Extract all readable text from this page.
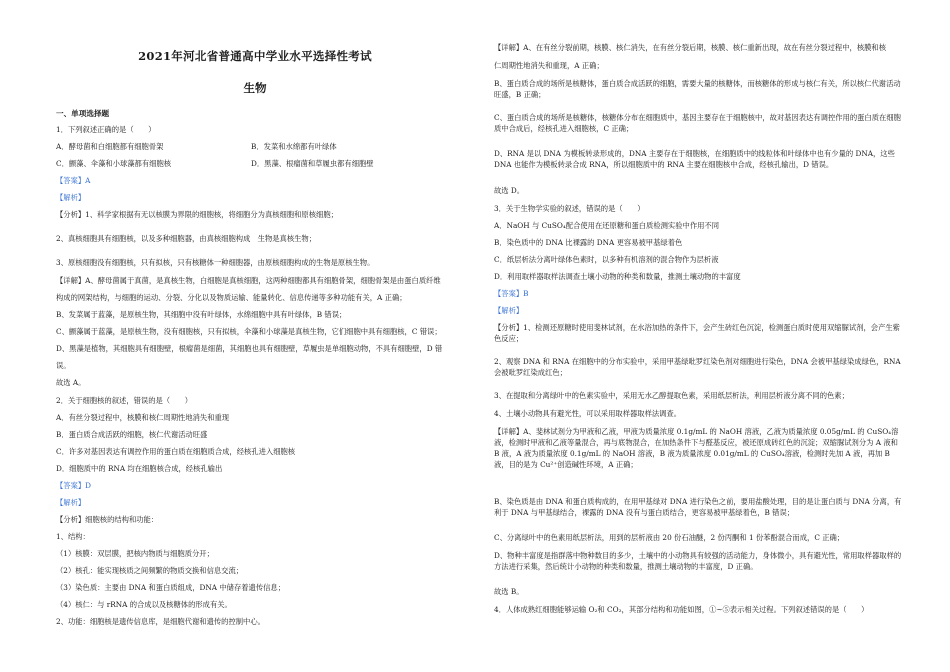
2021年河北省普通高中学业水平选择性考试
生物
一、单项选择题
1．下列叙述正确的是（　　）
A．酵母菌和白细胞都有细胞骨架	B．发菜和水绵都有叶绿体
C．颤藻、伞藻和小球藻都有细胞核	D．黑藻、根瘤菌和草履虫都有细胞壁
【答案】A
【解析】
【分析】1、科学家根据有无以核膜为界限的细胞核，将细胞分为真核细胞和原核细胞；
2、真核细胞具有细胞核，以及多种细胞器，由真核细胞构成　生物是真核生物；
3、原核细胞没有细胞核，只有拟核，只有核糖体一种细胞器，由原核细胞构成的生物是原核生物。
【详解】A、酵母菌属于真菌，是真核生物，白细胞是真核细胞，这两种细胞都具有细胞骨架，细胞骨架是由蛋白质纤维
构成的网架结构，与细胞的运动、分裂、分化以及物质运输、能量转化、信息传递等多种功能有关，A 正确；
B、发菜属于蓝藻，是原核生物，其细胞中没有叶绿体，水绵细胞中具有叶绿体，B 错误；
C、颤藻属于蓝藻，是原核生物，没有细胞核，只有拟核，伞藻和小球藻是真核生物，它们细胞中具有细胞核，C 错误；
D、黑藻是植物，其细胞具有细胞壁，根瘤菌是细菌，其细胞也具有细胞壁，草履虫是单细胞动物，不具有细胞壁，D 错
误。
故选 A。
2．关于细胞核的叙述，错误的是（　　）
A．有丝分裂过程中，核膜和核仁周期性地消失和重现
B．蛋白质合成活跃的细胞，核仁代谢活动旺盛
C．许多对基因表达有调控作用的蛋白质在细胞质合成，经核孔进入细胞核
D．细胞质中的 RNA 均在细胞核合成，经核孔输出
【答案】D
【解析】
【分析】细胞核的结构和功能：
1、结构：
（1）核膜：双层膜，把核内物质与细胞质分开；
（2）核孔：能实现核质之间频繁的物质交换和信息交流；
（3）染色质：主要由 DNA 和蛋白质组成，DNA 中储存着遗传信息；
（4）核仁：与 rRNA 的合成以及核糖体的形成有关。
2、功能：细胞核是遗传信息库，是细胞代谢和遗传的控制中心。
【详解】A、在有丝分裂前期，核膜、核仁消失，在有丝分裂后期，核膜、核仁重新出现，故在有丝分裂过程中，核膜和核
仁周期性地消失和重现，A 正确；
B、蛋白质合成的场所是核糖体，蛋白质合成活跃的细胞，需要大量的核糖体，而核糖体的形成与核仁有关，所以核仁代谢活动旺盛，B 正确；
C、蛋白质合成的场所是核糖体，核糖体分布在细胞质中，基因主要存在于细胞核中，故对基因表达有调控作用的蛋白质在细胞质中合成后，经核孔进入细胞核，C 正确；
D、RNA 是以 DNA 为模板转录形成的，DNA 主要存在于细胞核，在细胞质中的线粒体和叶绿体中也有少量的 DNA，这些 DNA 也能作为模板转录合成 RNA，所以细胞质中的 RNA 主要在细胞核中合成，经核孔输出，D 错误。
故选 D。
3．关于生物学实验的叙述，错误的是（　　）
A．NaOH 与 CuSO₄配合使用在还原糖和蛋白质检测实验中作用不同
B．染色质中的 DNA 比裸露的 DNA 更容易被甲基绿着色
C．纸层析法分离叶绿体色素时，以多种有机溶剂的混合物作为层析液
D．利用取样器取样法调查土壤小动物的种类和数量，推测土壤动物的丰富度
【答案】B
【解析】
【分析】1、检测还原糖时使用斐林试剂，在水浴加热的条件下，会产生砖红色沉淀，检测蛋白质时使用双缩脲试剂，会产生紫色反应；
2、观察 DNA 和 RNA 在细胞中的分布实验中，采用甲基绿吡罗红染色剂对细胞进行染色，DNA 会被甲基绿染成绿色，RNA 会被吡罗红染成红色；
3、在提取和分离绿叶中的色素实验中，采用无水乙醇提取色素，采用纸层析法，利用层析液分离不同的色素；
4、土壤小动物具有避光性，可以采用取样器取样法调查。
【详解】A、斐林试剂分为甲液和乙液，甲液为质量浓度 0.1g/mL 的 NaOH 溶液，乙液为质量浓度 0.05g/mL 的 CuSO₄溶液，检测时甲液和乙液等量混合，再与底物混合，在加热条件下与醛基反应，被还原成砖红色的沉淀；双缩脲试剂分为 A 液和 B 液，A 液为质量浓度 0.1g/mL 的 NaOH 溶液，B 液为质量浓度 0.01g/mL 的 CuSO₄溶液，检测时先加 A 液，再加 B 液，目的是为 Cu²⁺创造碱性环境，A 正确；
B、染色质是由 DNA 和蛋白质构成的，在用甲基绿对 DNA 进行染色之前，要用盐酸处理，目的是让蛋白质与 DNA 分离，有利于 DNA 与甲基绿结合，裸露的 DNA 没有与蛋白质结合，更容易被甲基绿着色，B 错误；
C、分离绿叶中的色素用纸层析法，用到的层析液由 20 份石油醚，2 份丙酮和 1 份苯酚混合而成，C 正确；
D、物种丰富度是指群落中物种数目的多少，土壤中的小动物具有较强的活动能力，身体微小，具有避光性，常用取样器取样的方法进行采集，然后统计小动物的种类和数量，推测土壤动物的丰富度，D 正确。
故选 B。
4．人体成熟红细胞能够运输 O₂和 CO₂，其部分结构和功能如图，①~⑤表示相关过程。下列叙述错误的是（　　）
